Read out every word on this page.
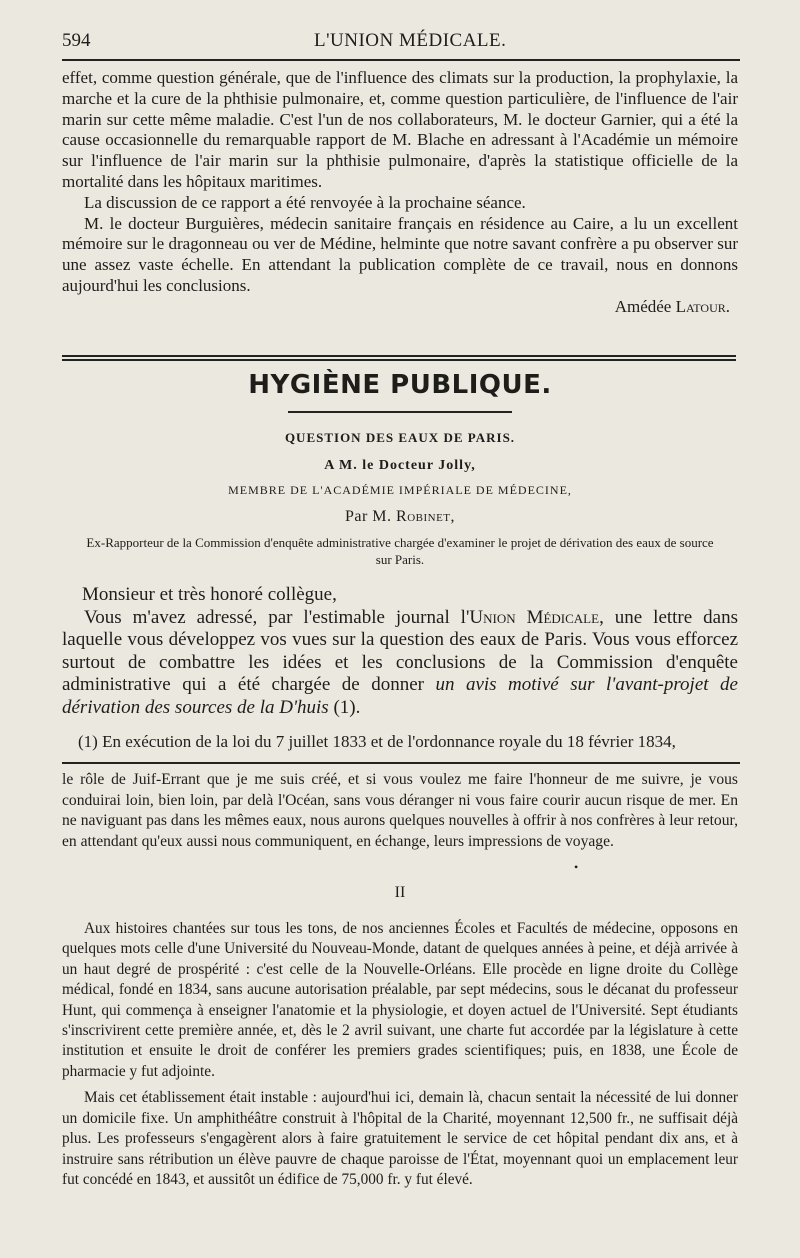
594	L'UNION MÉDICALE.

effet, comme question générale, que de l'influence des climats sur la production, la prophylaxie, la marche et la cure de la phthisie pulmonaire, et, comme question particulière, de l'influence de l'air marin sur cette même maladie. C'est l'un de nos collaborateurs, M. le docteur Garnier, qui a été la cause occasionnelle du remarquable rapport de M. Blache en adressant à l'Académie un mémoire sur l'influence de l'air marin sur la phthisie pulmonaire, d'après la statistique officielle de la mortalité dans les hôpitaux maritimes.

La discussion de ce rapport a été renvoyée à la prochaine séance.

M. le docteur Burguières, médecin sanitaire français en résidence au Caire, a lu un excellent mémoire sur le dragonneau ou ver de Médine, helminte que notre savant confrère a pu observer sur une assez vaste échelle. En attendant la publication complète de ce travail, nous en donnons aujourd'hui les conclusions.

Amédée Latour.

HYGIÈNE PUBLIQUE.
QUESTION DES EAUX DE PARIS.
A M. le Docteur Jolly,
MEMBRE DE L'ACADÉMIE IMPÉRIALE DE MÉDECINE,
Par M. Robinet,
Ex-Rapporteur de la Commission d'enquête administrative chargée d'examiner le projet de dérivation des eaux de source sur Paris.

Monsieur et très honoré collègue,

Vous m'avez adressé, par l'estimable journal l'Union Médicale, une lettre dans laquelle vous développez vos vues sur la question des eaux de Paris. Vous vous efforcez surtout de combattre les idées et les conclusions de la Commission d'enquête administrative qui a été chargée de donner un avis motivé sur l'avant-projet de dérivation des sources de la D'huis (1).

(1) En exécution de la loi du 7 juillet 1833 et de l'ordonnance royale du 18 février 1834,

le rôle de Juif-Errant que je me suis créé, et si vous voulez me faire l'honneur de me suivre, je vous conduirai loin, bien loin, par delà l'Océan, sans vous déranger ni vous faire courir aucun risque de mer. En ne naviguant pas dans les mêmes eaux, nous aurons quelques nouvelles à offrir à nos confrères à leur retour, en attendant qu'eux aussi nous communiquent, en échange, leurs impressions de voyage.

•
II

Aux histoires chantées sur tous les tons, de nos anciennes Écoles et Facultés de médecine, opposons en quelques mots celle d'une Université du Nouveau-Monde, datant de quelques années à peine, et déjà arrivée à un haut degré de prospérité : c'est celle de la Nouvelle-Orléans. Elle procède en ligne droite du Collège médical, fondé en 1834, sans aucune autorisation préalable, par sept médecins, sous le décanat du professeur Hunt, qui commença à enseigner l'anatomie et la physiologie, et doyen actuel de l'Université. Sept étudiants s'inscrivirent cette première année, et, dès le 2 avril suivant, une charte fut accordée par la législature à cette institution et ensuite le droit de conférer les premiers grades scientifiques; puis, en 1838, une École de pharmacie y fut adjointe.

Mais cet établissement était instable : aujourd'hui ici, demain là, chacun sentait la nécessité de lui donner un domicile fixe. Un amphithéâtre construit à l'hôpital de la Charité, moyennant 12,500 fr., ne suffisait déjà plus. Les professeurs s'engagèrent alors à faire gratuitement le service de cet hôpital pendant dix ans, et à instruire sans rétribution un élève pauvre de chaque paroisse de l'État, moyennant quoi un emplacement leur fut concédé en 1843, et aussitôt un édifice de 75,000 fr. y fut élevé.
